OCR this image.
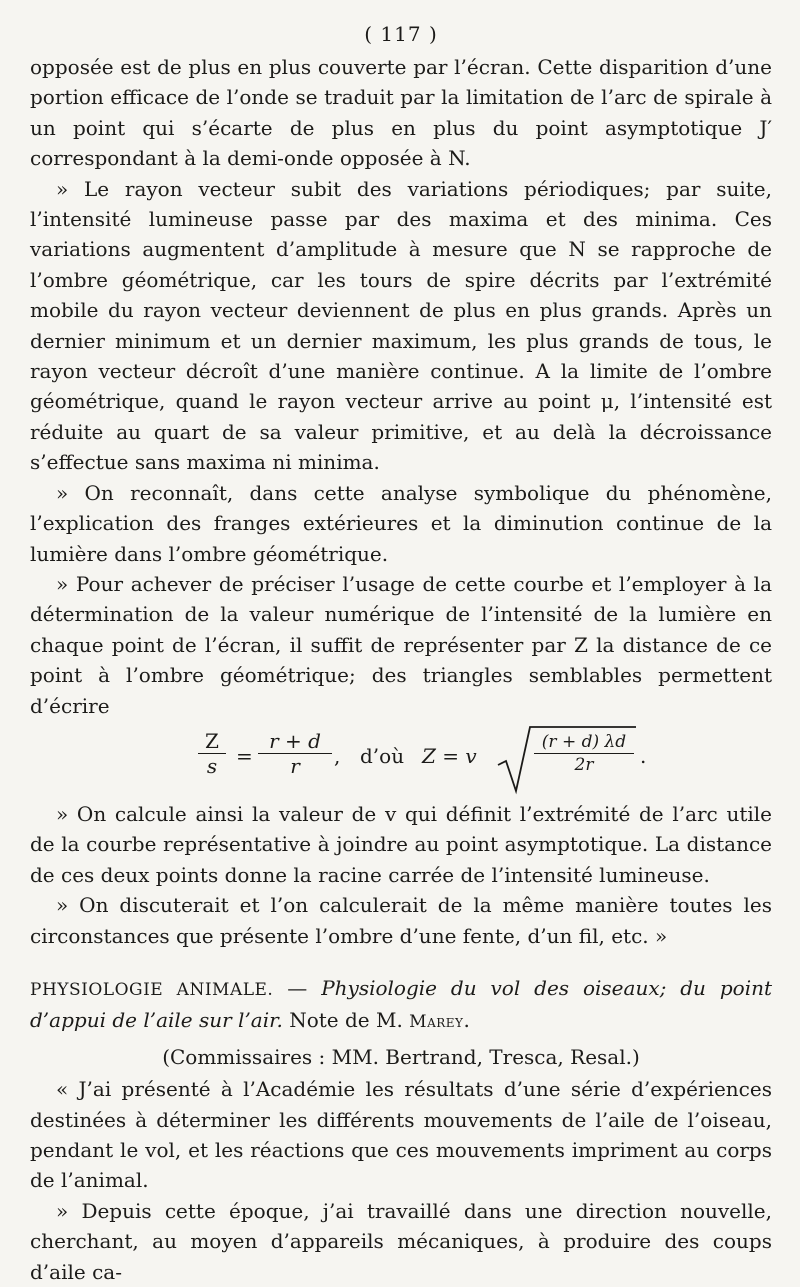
( 117 )

opposée est de plus en plus couverte par l’écran. Cette disparition d’une portion efficace de l’onde se traduit par la limitation de l’arc de spirale à un point qui s’écarte de plus en plus du point asymptotique J′ correspondant à la demi-onde opposée à N.

» Le rayon vecteur subit des variations périodiques; par suite, l’intensité lumineuse passe par des maxima et des minima. Ces variations augmentent d’amplitude à mesure que N se rapproche de l’ombre géométrique, car les tours de spire décrits par l’extrémité mobile du rayon vecteur deviennent de plus en plus grands. Après un dernier minimum et un dernier maximum, les plus grands de tous, le rayon vecteur décroît d’une manière continue. A la limite de l’ombre géométrique, quand le rayon vecteur arrive au point μ, l’intensité est réduite au quart de sa valeur primitive, et au delà la décroissance s’effectue sans maxima ni minima.

» On reconnaît, dans cette analyse symbolique du phénomène, l’explication des franges extérieures et la diminution continue de la lumière dans l’ombre géométrique.

» Pour achever de préciser l’usage de cette courbe et l’employer à la détermination de la valeur numérique de l’intensité de la lumière en chaque point de l’écran, il suffit de représenter par Z la distance de ce point à l’ombre géométrique; des triangles semblables permettent d’écrire

$\frac{Z}{s} = \frac{r + d}{r}$ , d’où Z = v	$\frac{(r + d) \lambda d}{2r}$ .

» On calcule ainsi la valeur de v qui définit l’extrémité de l’arc utile de la courbe représentative à joindre au point asymptotique. La distance de ces deux points donne la racine carrée de l’intensité lumineuse.

» On discuterait et l’on calculerait de la même manière toutes les circonstances que présente l’ombre d’une fente, d’un fil, etc. »

PHYSIOLOGIE ANIMALE. — Physiologie du vol des oiseaux; du point d’appui de l’aile sur l’air. Note de M. Marey.

(Commissaires : MM. Bertrand, Tresca, Resal.)

« J’ai présenté à l’Académie les résultats d’une série d’expériences destinées à déterminer les différents mouvements de l’aile de l’oiseau, pendant le vol, et les réactions que ces mouvements impriment au corps de l’animal.

» Depuis cette époque, j’ai travaillé dans une direction nouvelle, cherchant, au moyen d’appareils mécaniques, à produire des coups d’aile ca-
